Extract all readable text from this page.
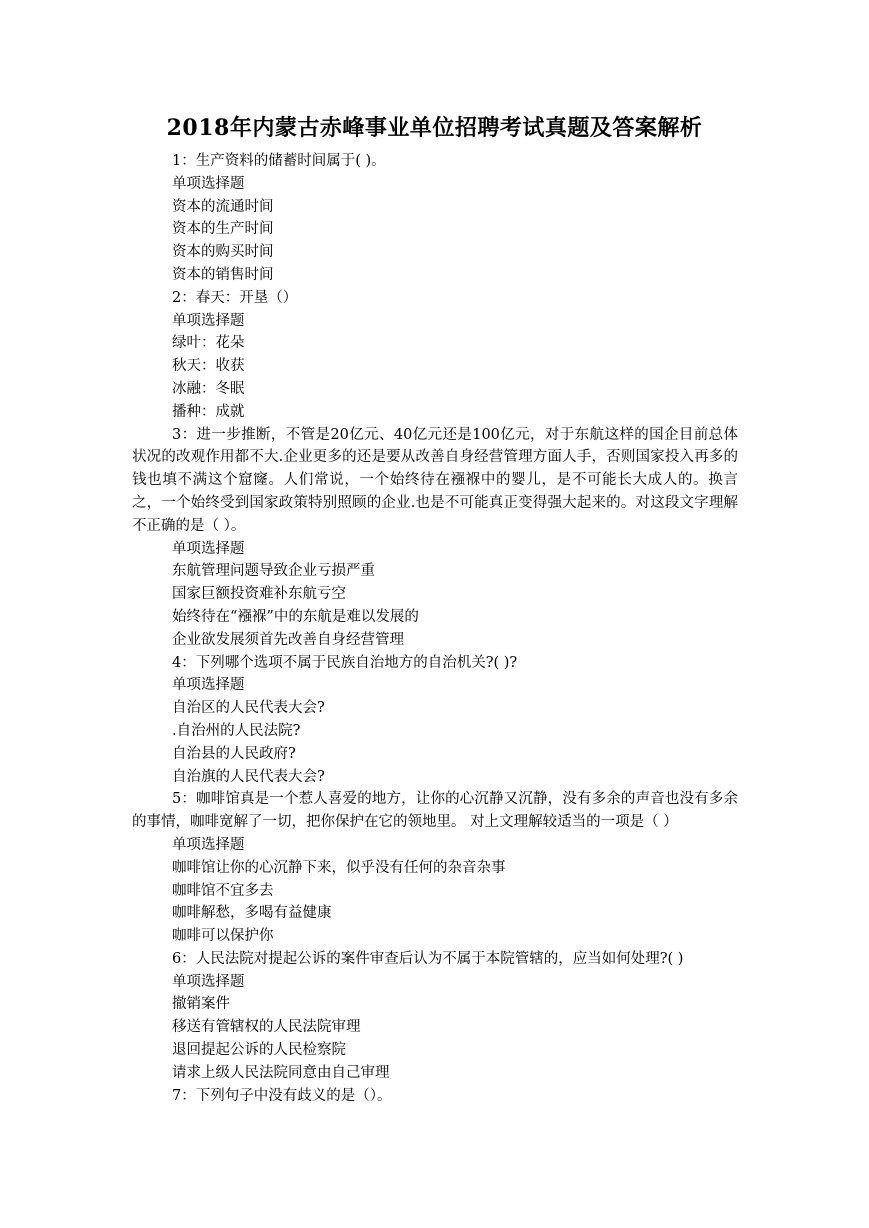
2018年内蒙古赤峰事业单位招聘考试真题及答案解析

1：生产资料的储蓄时间属于( )。

单项选择题

资本的流通时间

资本的生产时间

资本的购买时间

资本的销售时间

2：春天：开垦（）

单项选择题

绿叶：花朵

秋天：收获

冰融：冬眠

播种：成就

3：进一步推断，不管是20亿元、40亿元还是100亿元，对于东航这样的国企目前总体状况的改观作用都不大.企业更多的还是要从改善自身经营管理方面人手，否则国家投入再多的钱也填不满这个窟窿。人们常说，一个始终待在襁褓中的婴儿，是不可能长大成人的。换言之，一个始终受到国家政策特别照顾的企业.也是不可能真正变得强大起来的。对这段文字理解不正确的是（ ）。

单项选择题

东航管理问题导致企业亏损严重

国家巨额投资难补东航亏空

始终待在“襁褓”中的东航是难以发展的

企业欲发展须首先改善自身经营管理

4：下列哪个选项不属于民族自治地方的自治机关?( )?

单项选择题

自治区的人民代表大会?

.自治州的人民法院?

自治县的人民政府?

自治旗的人民代表大会?

5：咖啡馆真是一个惹人喜爱的地方，让你的心沉静又沉静，没有多余的声音也没有多余的事情，咖啡宽解了一切，把你保护在它的领地里。 对上文理解较适当的一项是（ ）

单项选择题

咖啡馆让你的心沉静下来，似乎没有任何的杂音杂事

咖啡馆不宜多去

咖啡解愁，多喝有益健康

咖啡可以保护你

6：人民法院对提起公诉的案件审查后认为不属于本院管辖的，应当如何处理?( )

单项选择题

撤销案件

移送有管辖权的人民法院审理

退回提起公诉的人民检察院

请求上级人民法院同意由自己审理

7：下列句子中没有歧义的是（）。
